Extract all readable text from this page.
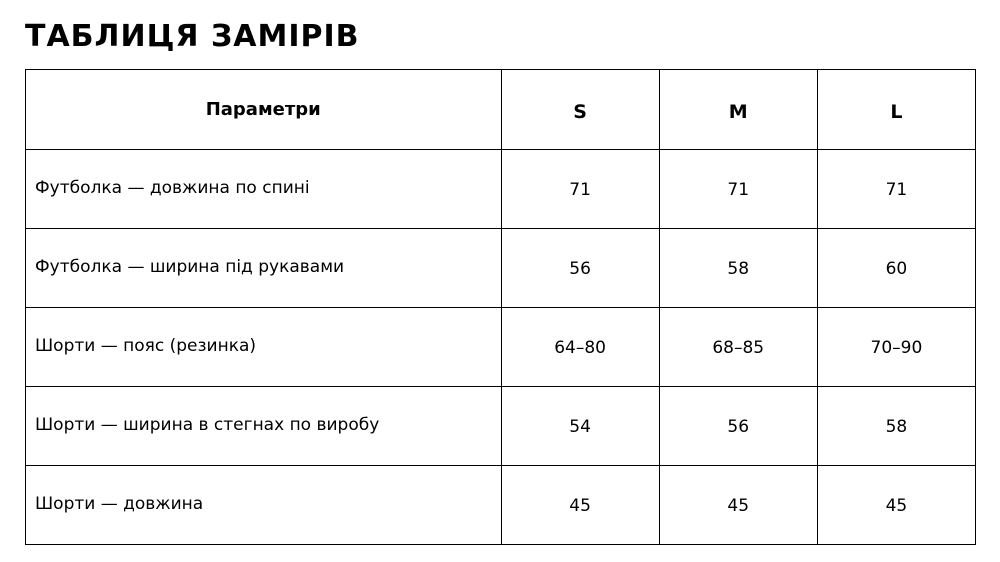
ТАБЛИЦЯ ЗАМІРІВ
Параметри	S	M	L
Футболка — довжина по спині	71	71	71
Футболка — ширина під рукавами	56	58	60
Шорти — пояс (резинка)	64–80	68–85	70–90
Шорти — ширина в стегнах по виробу	54	56	58
Шорти — довжина	45	45	45
